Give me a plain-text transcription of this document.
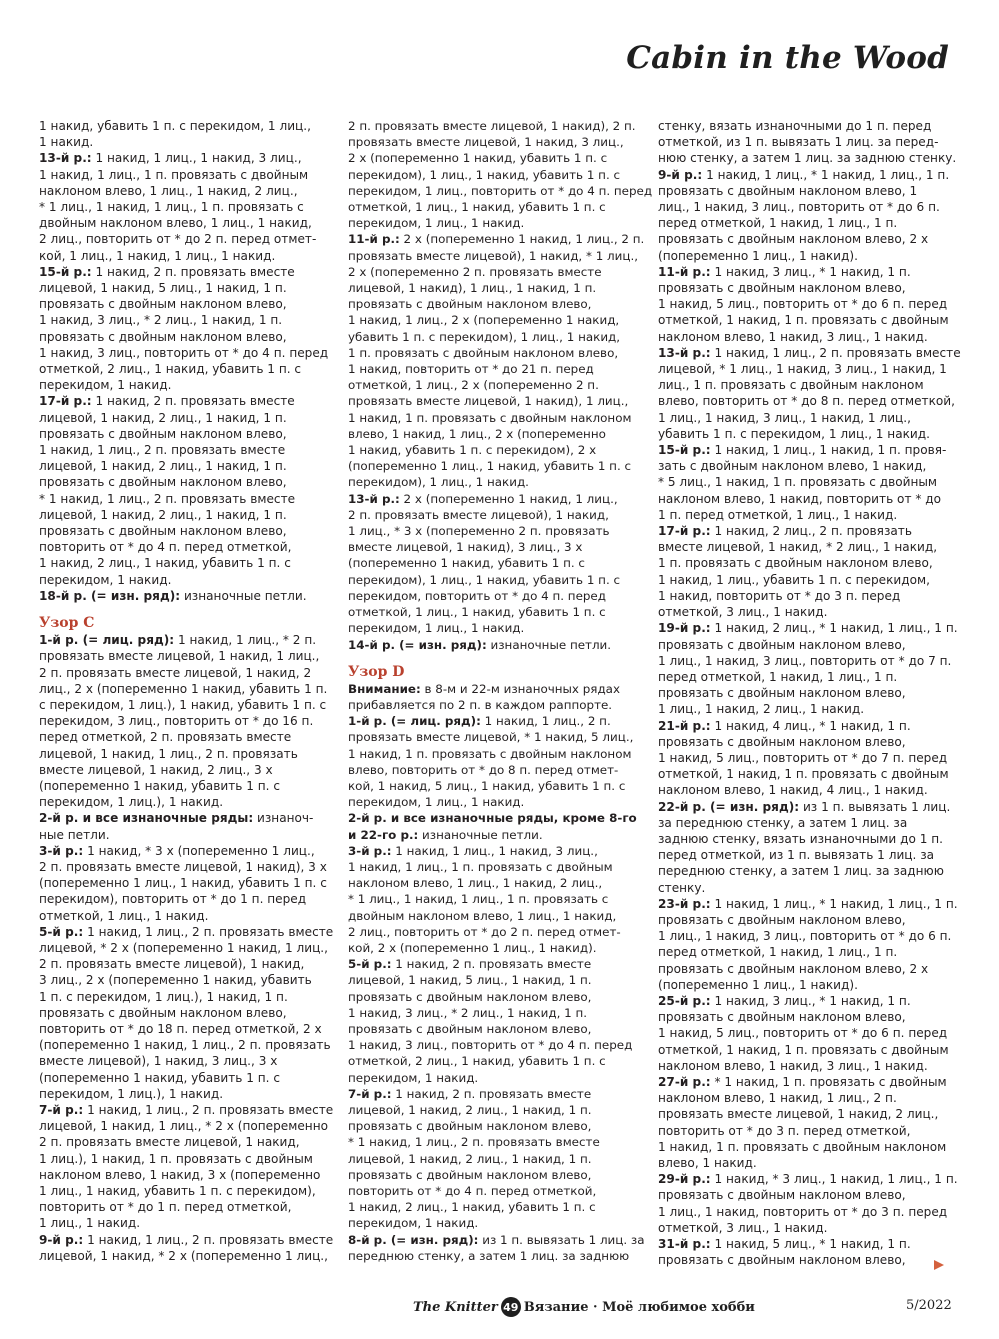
Cabin in the Wood
1 накид, убавить 1 п. с перекидом, 1 лиц.,
1 накид.
13-й р.: 1 накид, 1 лиц., 1 накид, 3 лиц.,
1 накид, 1 лиц., 1 п. провязать с двойным
наклоном влево, 1 лиц., 1 накид, 2 лиц.,
* 1 лиц., 1 накид, 1 лиц., 1 п. провязать с
двойным наклоном влево, 1 лиц., 1 накид,
2 лиц., повторить от * до 2 п. перед отмет-
кой, 1 лиц., 1 накид, 1 лиц., 1 накид.
15-й р.: 1 накид, 2 п. провязать вместе
лицевой, 1 накид, 5 лиц., 1 накид, 1 п.
провязать с двойным наклоном влево,
1 накид, 3 лиц., * 2 лиц., 1 накид, 1 п.
провязать с двойным наклоном влево,
1 накид, 3 лиц., повторить от * до 4 п. перед
отметкой, 2 лиц., 1 накид, убавить 1 п. с
перекидом, 1 накид.
17-й р.: 1 накид, 2 п. провязать вместе
лицевой, 1 накид, 2 лиц., 1 накид, 1 п.
провязать с двойным наклоном влево,
1 накид, 1 лиц., 2 п. провязать вместе
лицевой, 1 накид, 2 лиц., 1 накид, 1 п.
провязать с двойным наклоном влево,
* 1 накид, 1 лиц., 2 п. провязать вместе
лицевой, 1 накид, 2 лиц., 1 накид, 1 п.
провязать с двойным наклоном влево,
повторить от * до 4 п. перед отметкой,
1 накид, 2 лиц., 1 накид, убавить 1 п. с
перекидом, 1 накид.
18-й р. (= изн. ряд): изнаночные петли.
Узор С
1-й р. (= лиц. ряд): 1 накид, 1 лиц., * 2 п.
провязать вместе лицевой, 1 накид, 1 лиц.,
2 п. провязать вместе лицевой, 1 накид, 2
лиц., 2 х (попеременно 1 накид, убавить 1 п.
с перекидом, 1 лиц.), 1 накид, убавить 1 п. с
перекидом, 3 лиц., повторить от * до 16 п.
перед отметкой, 2 п. провязать вместе
лицевой, 1 накид, 1 лиц., 2 п. провязать
вместе лицевой, 1 накид, 2 лиц., 3 х
(попеременно 1 накид, убавить 1 п. с
перекидом, 1 лиц.), 1 накид.
2-й р. и все изнаночные ряды: изнаноч-
ные петли.
3-й р.: 1 накид, * 3 х (попеременно 1 лиц.,
2 п. провязать вместе лицевой, 1 накид), 3 х
(попеременно 1 лиц., 1 накид, убавить 1 п. с
перекидом), повторить от * до 1 п. перед
отметкой, 1 лиц., 1 накид.
5-й р.: 1 накид, 1 лиц., 2 п. провязать вместе
лицевой, * 2 х (попеременно 1 накид, 1 лиц.,
2 п. провязать вместе лицевой), 1 накид,
3 лиц., 2 х (попеременно 1 накид, убавить
1 п. с перекидом, 1 лиц.), 1 накид, 1 п.
провязать с двойным наклоном влево,
повторить от * до 18 п. перед отметкой, 2 х
(попеременно 1 накид, 1 лиц., 2 п. провязать
вместе лицевой), 1 накид, 3 лиц., 3 х
(попеременно 1 накид, убавить 1 п. с
перекидом, 1 лиц.), 1 накид.
7-й р.: 1 накид, 1 лиц., 2 п. провязать вместе
лицевой, 1 накид, 1 лиц., * 2 х (попеременно
2 п. провязать вместе лицевой, 1 накид,
1 лиц.), 1 накид, 1 п. провязать с двойным
наклоном влево, 1 накид, 3 х (попеременно
1 лиц., 1 накид, убавить 1 п. с перекидом),
повторить от * до 1 п. перед отметкой,
1 лиц., 1 накид.
9-й р.: 1 накид, 1 лиц., 2 п. провязать вместе
лицевой, 1 накид, * 2 х (попеременно 1 лиц.,
2 п. провязать вместе лицевой, 1 накид), 2 п.
провязать вместе лицевой, 1 накид, 3 лиц.,
2 х (попеременно 1 накид, убавить 1 п. с
перекидом), 1 лиц., 1 накид, убавить 1 п. с
перекидом, 1 лиц., повторить от * до 4 п. перед
отметкой, 1 лиц., 1 накид, убавить 1 п. с
перекидом, 1 лиц., 1 накид.
11-й р.: 2 х (попеременно 1 накид, 1 лиц., 2 п.
провязать вместе лицевой), 1 накид, * 1 лиц.,
2 х (попеременно 2 п. провязать вместе
лицевой, 1 накид), 1 лиц., 1 накид, 1 п.
провязать с двойным наклоном влево,
1 накид, 1 лиц., 2 х (попеременно 1 накид,
убавить 1 п. с перекидом), 1 лиц., 1 накид,
1 п. провязать с двойным наклоном влево,
1 накид, повторить от * до 21 п. перед
отметкой, 1 лиц., 2 х (попеременно 2 п.
провязать вместе лицевой, 1 накид), 1 лиц.,
1 накид, 1 п. провязать с двойным наклоном
влево, 1 накид, 1 лиц., 2 х (попеременно
1 накид, убавить 1 п. с перекидом), 2 х
(попеременно 1 лиц., 1 накид, убавить 1 п. с
перекидом), 1 лиц., 1 накид.
13-й р.: 2 х (попеременно 1 накид, 1 лиц.,
2 п. провязать вместе лицевой), 1 накид,
1 лиц., * 3 х (попеременно 2 п. провязать
вместе лицевой, 1 накид), 3 лиц., 3 х
(попеременно 1 накид, убавить 1 п. с
перекидом), 1 лиц., 1 накид, убавить 1 п. с
перекидом, повторить от * до 4 п. перед
отметкой, 1 лиц., 1 накид, убавить 1 п. с
перекидом, 1 лиц., 1 накид.
14-й р. (= изн. ряд): изнаночные петли.
Узор D
Внимание: в 8-м и 22-м изнаночных рядах
прибавляется по 2 п. в каждом раппорте.
1-й р. (= лиц. ряд): 1 накид, 1 лиц., 2 п.
провязать вместе лицевой, * 1 накид, 5 лиц.,
1 накид, 1 п. провязать с двойным наклоном
влево, повторить от * до 8 п. перед отмет-
кой, 1 накид, 5 лиц., 1 накид, убавить 1 п. с
перекидом, 1 лиц., 1 накид.
2-й р. и все изнаночные ряды, кроме 8-го
и 22-го р.: изнаночные петли.
3-й р.: 1 накид, 1 лиц., 1 накид, 3 лиц.,
1 накид, 1 лиц., 1 п. провязать с двойным
наклоном влево, 1 лиц., 1 накид, 2 лиц.,
* 1 лиц., 1 накид, 1 лиц., 1 п. провязать с
двойным наклоном влево, 1 лиц., 1 накид,
2 лиц., повторить от * до 2 п. перед отмет-
кой, 2 х (попеременно 1 лиц., 1 накид).
5-й р.: 1 накид, 2 п. провязать вместе
лицевой, 1 накид, 5 лиц., 1 накид, 1 п.
провязать с двойным наклоном влево,
1 накид, 3 лиц., * 2 лиц., 1 накид, 1 п.
провязать с двойным наклоном влево,
1 накид, 3 лиц., повторить от * до 4 п. перед
отметкой, 2 лиц., 1 накид, убавить 1 п. с
перекидом, 1 накид.
7-й р.: 1 накид, 2 п. провязать вместе
лицевой, 1 накид, 2 лиц., 1 накид, 1 п.
провязать с двойным наклоном влево,
* 1 накид, 1 лиц., 2 п. провязать вместе
лицевой, 1 накид, 2 лиц., 1 накид, 1 п.
провязать с двойным наклоном влево,
повторить от * до 4 п. перед отметкой,
1 накид, 2 лиц., 1 накид, убавить 1 п. с
перекидом, 1 накид.
8-й р. (= изн. ряд): из 1 п. вывязать 1 лиц. за
переднюю стенку, а затем 1 лиц. за заднюю
стенку, вязать изнаночными до 1 п. перед
отметкой, из 1 п. вывязать 1 лиц. за перед-
нюю стенку, а затем 1 лиц. за заднюю стенку.
9-й р.: 1 накид, 1 лиц., * 1 накид, 1 лиц., 1 п.
провязать с двойным наклоном влево, 1
лиц., 1 накид, 3 лиц., повторить от * до 6 п.
перед отметкой, 1 накид, 1 лиц., 1 п.
провязать с двойным наклоном влево, 2 х
(попеременно 1 лиц., 1 накид).
11-й р.: 1 накид, 3 лиц., * 1 накид, 1 п.
провязать с двойным наклоном влево,
1 накид, 5 лиц., повторить от * до 6 п. перед
отметкой, 1 накид, 1 п. провязать с двойным
наклоном влево, 1 накид, 3 лиц., 1 накид.
13-й р.: 1 накид, 1 лиц., 2 п. провязать вместе
лицевой, * 1 лиц., 1 накид, 3 лиц., 1 накид, 1
лиц., 1 п. провязать с двойным наклоном
влево, повторить от * до 8 п. перед отметкой,
1 лиц., 1 накид, 3 лиц., 1 накид, 1 лиц.,
убавить 1 п. с перекидом, 1 лиц., 1 накид.
15-й р.: 1 накид, 1 лиц., 1 накид, 1 п. провя-
зать с двойным наклоном влево, 1 накид,
* 5 лиц., 1 накид, 1 п. провязать с двойным
наклоном влево, 1 накид, повторить от * до
1 п. перед отметкой, 1 лиц., 1 накид.
17-й р.: 1 накид, 2 лиц., 2 п. провязать
вместе лицевой, 1 накид, * 2 лиц., 1 накид,
1 п. провязать с двойным наклоном влево,
1 накид, 1 лиц., убавить 1 п. с перекидом,
1 накид, повторить от * до 3 п. перед
отметкой, 3 лиц., 1 накид.
19-й р.: 1 накид, 2 лиц., * 1 накид, 1 лиц., 1 п.
провязать с двойным наклоном влево,
1 лиц., 1 накид, 3 лиц., повторить от * до 7 п.
перед отметкой, 1 накид, 1 лиц., 1 п.
провязать с двойным наклоном влево,
1 лиц., 1 накид, 2 лиц., 1 накид.
21-й р.: 1 накид, 4 лиц., * 1 накид, 1 п.
провязать с двойным наклоном влево,
1 накид, 5 лиц., повторить от * до 7 п. перед
отметкой, 1 накид, 1 п. провязать с двойным
наклоном влево, 1 накид, 4 лиц., 1 накид.
22-й р. (= изн. ряд): из 1 п. вывязать 1 лиц.
за переднюю стенку, а затем 1 лиц. за
заднюю стенку, вязать изнаночными до 1 п.
перед отметкой, из 1 п. вывязать 1 лиц. за
переднюю стенку, а затем 1 лиц. за заднюю
стенку.
23-й р.: 1 накид, 1 лиц., * 1 накид, 1 лиц., 1 п.
провязать с двойным наклоном влево,
1 лиц., 1 накид, 3 лиц., повторить от * до 6 п.
перед отметкой, 1 накид, 1 лиц., 1 п.
провязать с двойным наклоном влево, 2 х
(попеременно 1 лиц., 1 накид).
25-й р.: 1 накид, 3 лиц., * 1 накид, 1 п.
провязать с двойным наклоном влево,
1 накид, 5 лиц., повторить от * до 6 п. перед
отметкой, 1 накид, 1 п. провязать с двойным
наклоном влево, 1 накид, 3 лиц., 1 накид.
27-й р.: * 1 накид, 1 п. провязать с двойным
наклоном влево, 1 накид, 1 лиц., 2 п.
провязать вместе лицевой, 1 накид, 2 лиц.,
повторить от * до 3 п. перед отметкой,
1 накид, 1 п. провязать с двойным наклоном
влево, 1 накид.
29-й р.: 1 накид, * 3 лиц., 1 накид, 1 лиц., 1 п.
провязать с двойным наклоном влево,
1 лиц., 1 накид, повторить от * до 3 п. перед
отметкой, 3 лиц., 1 накид.
31-й р.: 1 накид, 5 лиц., * 1 накид, 1 п.
провязать с двойным наклоном влево,
The Knitter 49 Вязание · Моё любимое хобби	5/2022
